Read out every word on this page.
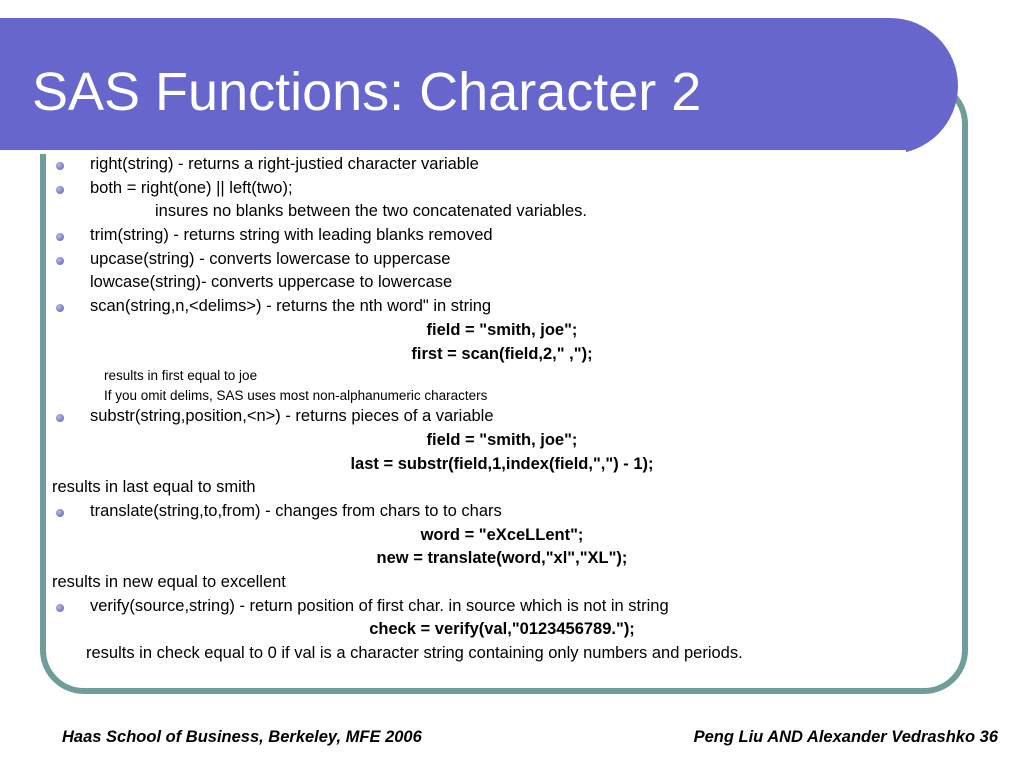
SAS Functions: Character 2
right(string) - returns a right-justied character variable
both = right(one) || left(two);
insures no blanks between the two concatenated variables.
trim(string) - returns string with leading blanks removed
upcase(string) - converts lowercase to uppercase
lowcase(string)- converts uppercase to lowercase
scan(string,n,<delims>) - returns the nth word" in string
field = "smith, joe";
first = scan(field,2," ,");
results in first equal to joe
If you omit delims, SAS uses most non-alphanumeric characters
substr(string,position,<n>) - returns pieces of a variable
field = "smith, joe";
last = substr(field,1,index(field,",") - 1);
results in last equal to smith
translate(string,to,from) - changes from chars to to chars
word = "eXceLLent";
new = translate(word,"xl","XL");
results in new equal to excellent
verify(source,string) - return position of first char. in source which is not in string
check = verify(val,"0123456789.");
results in check equal to 0 if val is a character string containing only numbers and periods.
Haas School of Business, Berkeley, MFE 2006	Peng Liu AND Alexander Vedrashko 36
